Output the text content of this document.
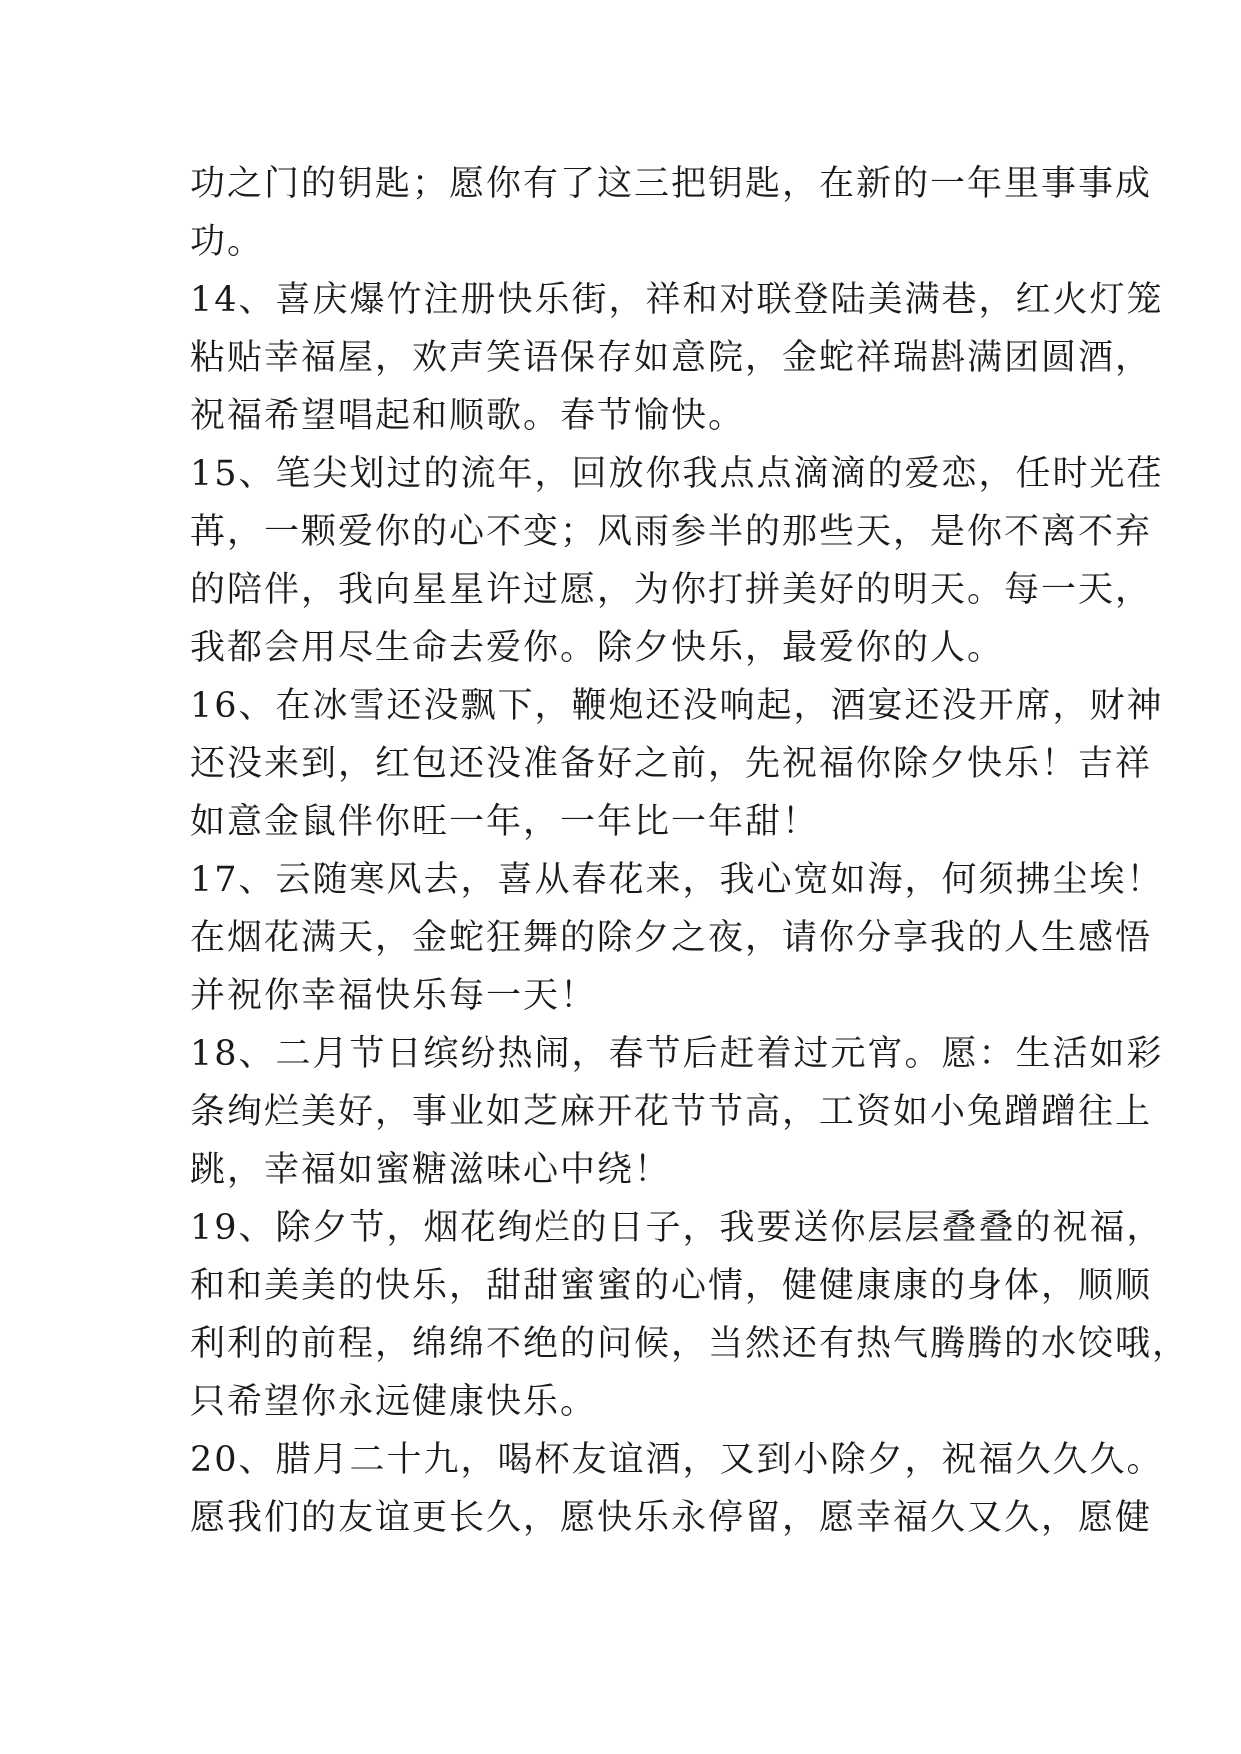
功之门的钥匙；愿你有了这三把钥匙，在新的一年里事事成
功。
14、喜庆爆竹注册快乐街，祥和对联登陆美满巷，红火灯笼
粘贴幸福屋，欢声笑语保存如意院，金蛇祥瑞斟满团圆酒，
祝福希望唱起和顺歌。春节愉快。
15、笔尖划过的流年，回放你我点点滴滴的爱恋，任时光荏
苒，一颗爱你的心不变；风雨参半的那些天，是你不离不弃
的陪伴，我向星星许过愿，为你打拼美好的明天。每一天，
我都会用尽生命去爱你。除夕快乐，最爱你的人。
16、在冰雪还没飘下，鞭炮还没响起，酒宴还没开席，财神
还没来到，红包还没准备好之前，先祝福你除夕快乐！吉祥
如意金鼠伴你旺一年，一年比一年甜！
17、云随寒风去，喜从春花来，我心宽如海，何须拂尘埃！
在烟花满天，金蛇狂舞的除夕之夜，请你分享我的人生感悟
并祝你幸福快乐每一天！
18、二月节日缤纷热闹，春节后赶着过元宵。愿：生活如彩
条绚烂美好，事业如芝麻开花节节高，工资如小兔蹭蹭往上
跳，幸福如蜜糖滋味心中绕！
19、除夕节，烟花绚烂的日子，我要送你层层叠叠的祝福，
和和美美的快乐，甜甜蜜蜜的心情，健健康康的身体，顺顺
利利的前程，绵绵不绝的问候，当然还有热气腾腾的水饺哦，
只希望你永远健康快乐。
20、腊月二十九，喝杯友谊酒，又到小除夕，祝福久久久。
愿我们的友谊更长久，愿快乐永停留，愿幸福久又久，愿健
